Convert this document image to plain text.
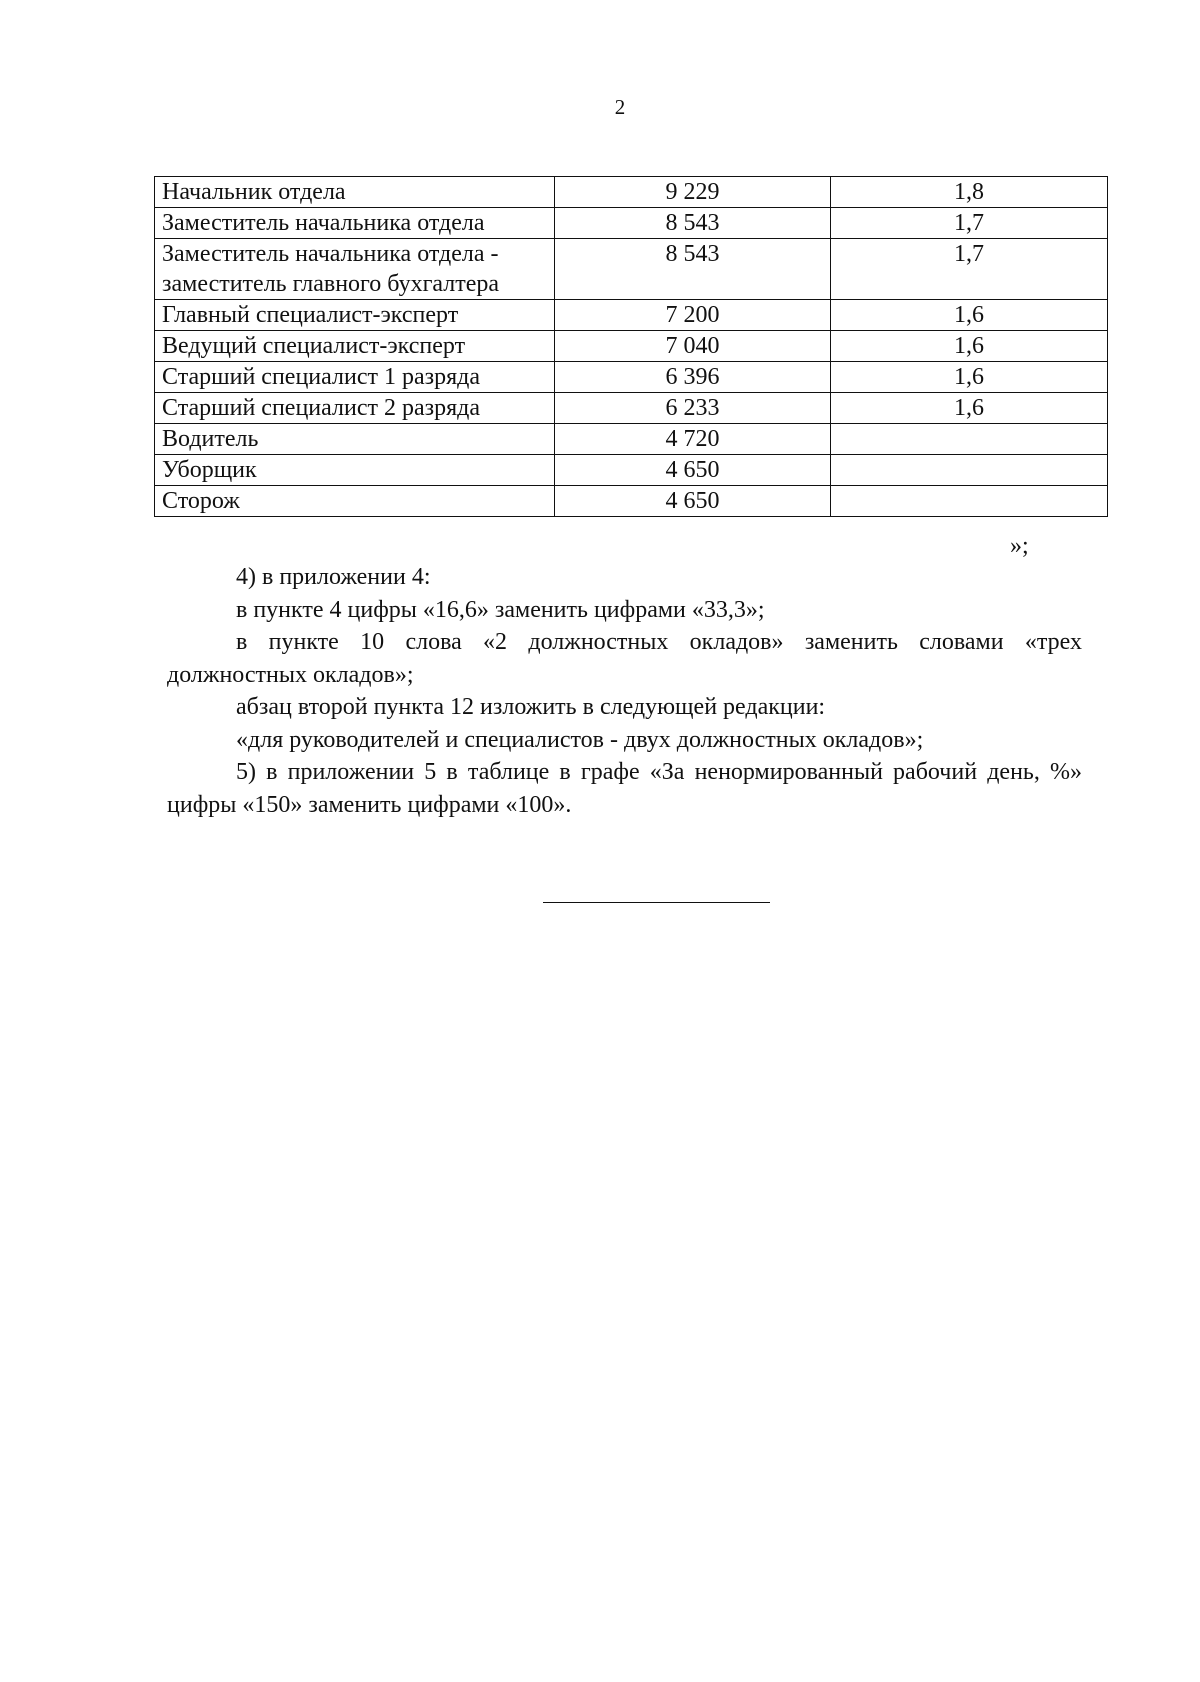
2
Начальник отдела	9 229	1,8
Заместитель начальника отдела	8 543	1,7
Заместитель начальника отдела - заместитель главного бухгалтера	8 543	1,7
Главный специалист-эксперт	7 200	1,6
Ведущий специалист-эксперт	7 040	1,6
Старший специалист 1 разряда	6 396	1,6
Старший специалист 2 разряда	6 233	1,6
Водитель	4 720	
Уборщик	4 650	
Сторож	4 650	
»;

4) в приложении 4:

в пункте 4 цифры «16,6» заменить цифрами «33,3»;

в пункте 10 слова «2 должностных окладов» заменить словами «трех должностных окладов»;

абзац второй пункта 12 изложить в следующей редакции:

«для руководителей и специалистов - двух должностных окладов»;

5) в приложении 5 в таблице в графе «За ненормированный рабочий день, %» цифры «150» заменить цифрами «100».
